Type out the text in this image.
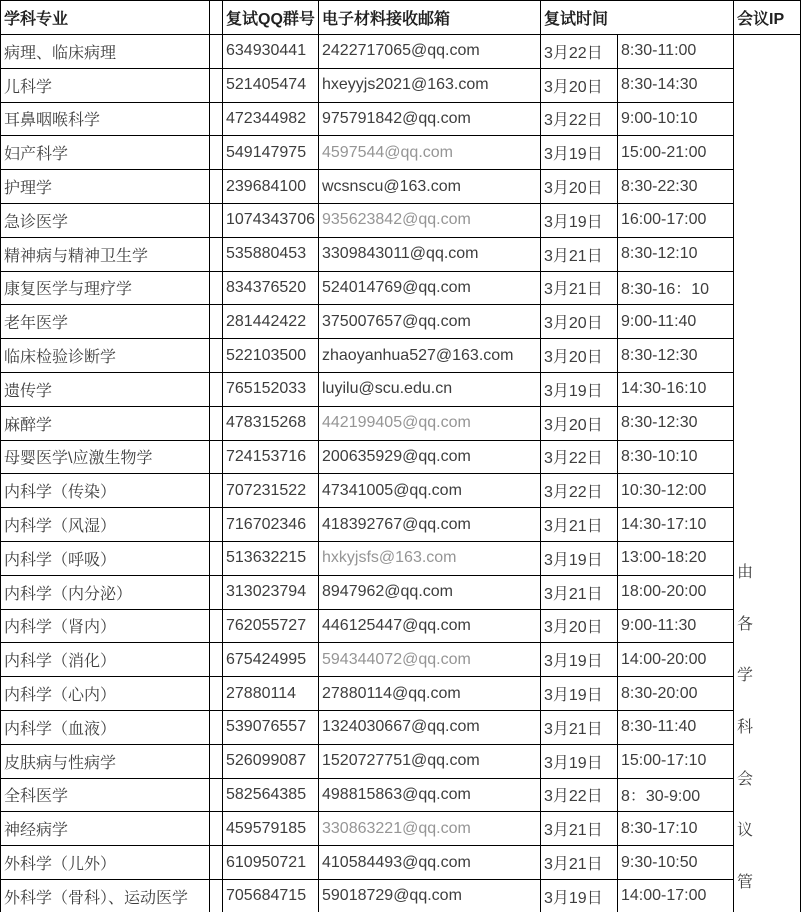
学科专业		复试QQ群号	电子材料接收邮箱	复试时间		会议IP
病理、临床病理		634930441	2422717065@qq.com	3月22日	8:30-11:00	
由
各
学
科
会
议
管

儿科学		521405474	hxeyyjs2021@163.com	3月20日	8:30-14:30	
耳鼻咽喉科学		472344982	975791842@qq.com	3月22日	9:00-10:10	
妇产科学		549147975	4597544@qq.com	3月19日	15:00-21:00	
护理学		239684100	wcsnscu@163.com	3月20日	8:30-22:30	
急诊医学		1074343706	935623842@qq.com	3月19日	16:00-17:00	
精神病与精神卫生学		535880453	3309843011@qq.com	3月21日	8:30-12:10	
康复医学与理疗学		834376520	524014769@qq.com	3月21日	8:30-16：10	
老年医学		281442422	375007657@qq.com	3月20日	9:00-11:40	
临床检验诊断学		522103500	zhaoyanhua527@163.com	3月20日	8:30-12:30	
遗传学		765152033	luyilu@scu.edu.cn	3月19日	14:30-16:10	
麻醉学		478315268	442199405@qq.com	3月20日	8:30-12:30	
母婴医学\应激生物学		724153716	200635929@qq.com	3月22日	8:30-10:10	
内科学（传染）		707231522	47341005@qq.com	3月22日	10:30-12:00	
内科学（风湿）		716702346	418392767@qq.com	3月21日	14:30-17:10	
内科学（呼吸）		513632215	hxkyjsfs@163.com	3月19日	13:00-18:20	
内科学（内分泌）		313023794	8947962@qq.com	3月21日	18:00-20:00	
内科学（肾内）		762055727	446125447@qq.com	3月20日	9:00-11:30	
内科学（消化）		675424995	594344072@qq.com	3月19日	14:00-20:00	
内科学（心内）		27880114	27880114@qq.com	3月19日	8:30-20:00	
内科学（血液）		539076557	1324030667@qq.com	3月21日	8:30-11:40	
皮肤病与性病学		526099087	1520727751@qq.com	3月19日	15:00-17:10	
全科医学		582564385	498815863@qq.com	3月22日	8：30-9:00	
神经病学		459579185	330863221@qq.com	3月21日	8:30-17:10	
外科学（儿外）		610950721	410584493@qq.com	3月21日	9:30-10:50	
外科学（骨科）、运动医学		705684715	59018729@qq.com	3月19日	14:00-17:00	
